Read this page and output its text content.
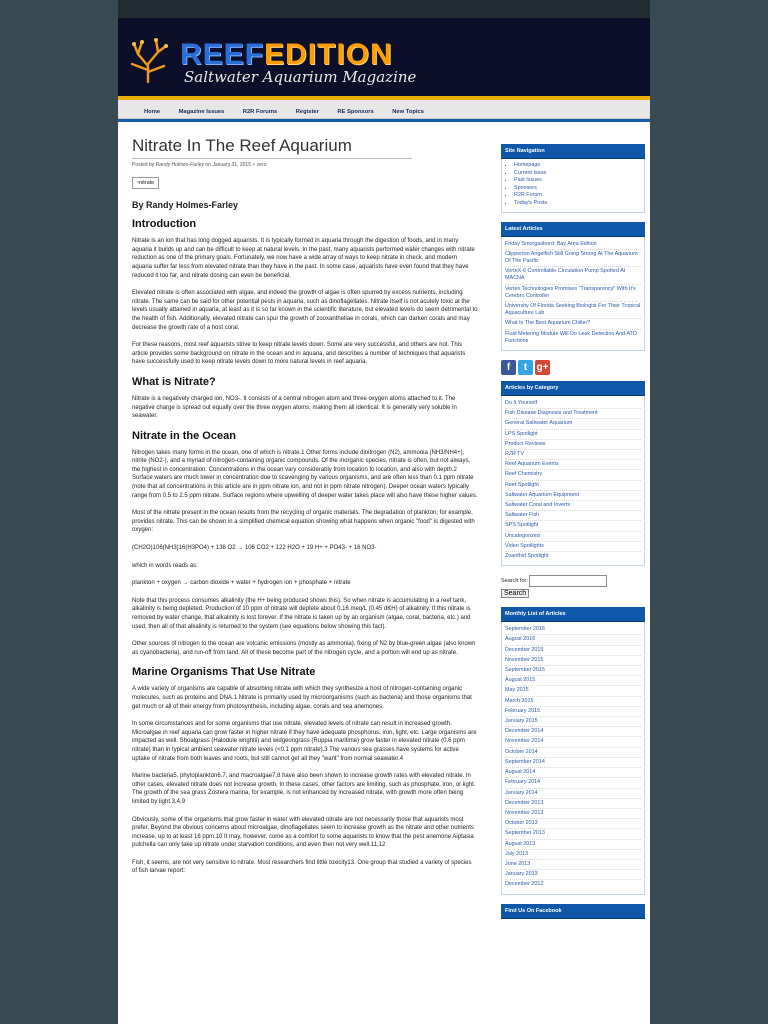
REEFEDITION
Saltwater Aquarium Magazine
Home	Magazine Issues	R2R Forums	Register	RE Sponsors	New Topics
Nitrate In The Reef Aquarium
Posted by Randy Holmes-Farley on January 31, 2015 • zero
▫nitrate
By Randy Holmes-Farley
Introduction

Nitrate is an ion that has long dogged aquarists. It is typically formed in aquaria through the digestion of foods, and in many aquaria it builds up and can be difficult to keep at natural levels. In the past, many aquarists performed water changes with nitrate reduction as one of the primary goals. Fortunately, we now have a wide array of ways to keep nitrate in check, and modern aquaria suffer far less from elevated nitrate than they have in the past. In some case, aquarists have even found that they have reduced it too far, and nitrate dosing can even be beneficial.

Elevated nitrate is often associated with algae, and indeed the growth of algae is often spurred by excess nutrients, including nitrate. The same can be said for other potential pests in aquaria, such as dinoflagellates. Nitrate itself is not acutely toxic at the levels usually attained in aquaria, at least as it is so far known in the scientific literature, but elevated levels do seem detrimental to the health of fish. Additionally, elevated nitrate can spur the growth of zooxanthellae in corals, which can darken corals and may decrease the growth rate of a host coral.

For these reasons, most reef aquarists strive to keep nitrate levels down. Some are very successful, and others are not. This article provides some background on nitrate in the ocean and in aquaria, and describes a number of techniques that aquarists have successfully used to keep nitrate levels down to more natural levels in reef aquaria.

What is Nitrate?

Nitrate is a negatively charged ion, NO3-. It consists of a central nitrogen atom and three oxygen atoms attached to it. The negative charge is spread out equally over the three oxygen atoms, making them all identical. It is generally very soluble in seawater.

Nitrate in the Ocean

Nitrogen takes many forms in the ocean, one of which is nitrate.1 Other forms include dinitrogen (N2), ammonia (NH3/NH4+), nitrite (NO2-), and a myriad of nitrogen-containing organic compounds. Of the inorganic species, nitrate is often, but not always, the highest in concentration. Concentrations in the ocean vary considerably from location to location, and also with depth.2 Surface waters are much lower in concentration due to scavenging by various organisms, and are often less than 0.1 ppm nitrate (note that all concentrations in this article are in ppm nitrate ion, and not in ppm nitrate nitrogen). Deeper ocean waters typically range from 0.5 to 2.5 ppm nitrate. Surface regions where upwelling of deeper water takes place will also have these higher values.

Most of the nitrate present in the ocean results from the recycling of organic materials. The degradation of plankton, for example, provides nitrate. This can be shown in a simplified chemical equation showing what happens when organic "food" is digested with oxygen:

(CH2O)106(NH3)16(H3PO4) + 138 O2 → 106 CO2 + 122 H2O + 19 H+ + PO43- + 16 NO3-

which in words reads as:

plankton + oxygen → carbon dioxide + water + hydrogen ion + phosphate + nitrate

Note that this process consumes alkalinity (the H+ being produced shows this). So when nitrate is accumulating in a reef tank, alkalinity is being depleted. Production of 10 ppm of nitrate will deplete about 0.16 meq/L (0.45 dKH) of alkalinity. If this nitrate is removed by water change, that alkalinity is lost forever. If the nitrate is taken up by an organism (algae, coral, bacteria, etc.) and used, then all of that alkalinity is returned to the system (see equations below showing this fact).

Other sources of nitrogen to the ocean are volcanic emissions (mostly as ammonia), fixing of N2 by blue-green algae (also known as cyanobacteria), and run-off from land. All of these become part of the nitrogen cycle, and a portion will end up as nitrate.

Marine Organisms That Use Nitrate

A wide variety of organisms are capable of absorbing nitrate with which they synthesize a host of nitrogen-containing organic molecules, such as proteins and DNA.1 Nitrate is primarily used by microorganisms (such as bacteria) and those organisms that get much or all of their energy from photosynthesis, including algae, corals and sea anemones.

In some circumstances and for some organisms that use nitrate, elevated levels of nitrate can result in increased growth. Microalgae in reef aquaria can grow faster in higher nitrate if they have adequate phosphorus, iron, light, etc. Large organisms are impacted as well. Shoalgrass (Halodule wrightii) and widgeongrass (Ruppia maritime) grow faster in elevated nitrate (0.6 ppm nitrate) than in typical ambient seawater nitrate levels (<0.1 ppm nitrate).3 The various sea grasses have systems for active uptake of nitrate from both leaves and roots, but still cannot get all they "want" from normal seawater.4

Marine bacteria5, phytoplankton6,7, and macroalgae7,8 have also been shown to increase growth rates with elevated nitrate. In other cases, elevated nitrate does not increase growth. In these cases, other factors are limiting, such as phosphate, iron, or light. The growth of the sea grass Zostera marina, for example, is not enhanced by increased nitrate, with growth more often being limited by light.3,4,9

Obviously, some of the organisms that grow faster in water with elevated nitrate are not necessarily those that aquarists most prefer. Beyond the obvious concerns about microalgae, dinoflagellates seem to increase growth as the nitrate and other nutrients increase, up to at least 16 ppm.10 It may, however, come as a comfort to some aquarists to know that the pest anemone Aiptasia pulchella can only take up nitrate under starvation conditions, and even then not very well.11,12

Fish, it seems, are not very sensitive to nitrate. Most researchers find little toxicity13. One group that studied a variety of species of fish larvae report:

Site Navigation
▪ Homepage
▪ Current Issue
▪ Past Issues
▪ Sponsors
▪ R2R Forum
▪ Today's Posts
Latest Articles
Friday Smorgasbord: Bay Area Edition
Clipperton Angelfish Still Going Strong At The Aquarium Of The Pacific
VorteX-6 Controllable Circulation Pump Spotted At MACNA
Vertex Technologies Promises "Transparency" With It's Cerebro Controller
University Of Florida Seeking Biologist For Their Tropical Aquaculture Lab
What Is The Best Aquarium Chiller?
Fluid Metering Module Will Do Leak Detection And ATO Functions
f	t g+
Articles by Category
Do It Yourself
Fish Disease Diagnosis and Treatment
General Saltwater Aquarium
LPS Spotlight
Product Reviews
R2R TV
Reef Aquarium Events
Reef Chemistry
Reef Spotlight
Saltwater Aquarium Equipment
Saltwater Coral and Inverts
Saltwater Fish
SPS Spotlight
Uncategorized
Video Spotlights
Zoanthid Spotlight
Search for:
Search
Monthly List of Articles
September 2016
August 2016
December 2015
November 2015
September 2015
August 2015
May 2015
March 2015
February 2015
January 2015
December 2014
November 2014
October 2014
September 2014
August 2014
February 2014
January 2014
December 2013
November 2013
October 2013
September 2013
August 2013
July 2013
June 2013
January 2013
December 2012
Find Us On Facebook
